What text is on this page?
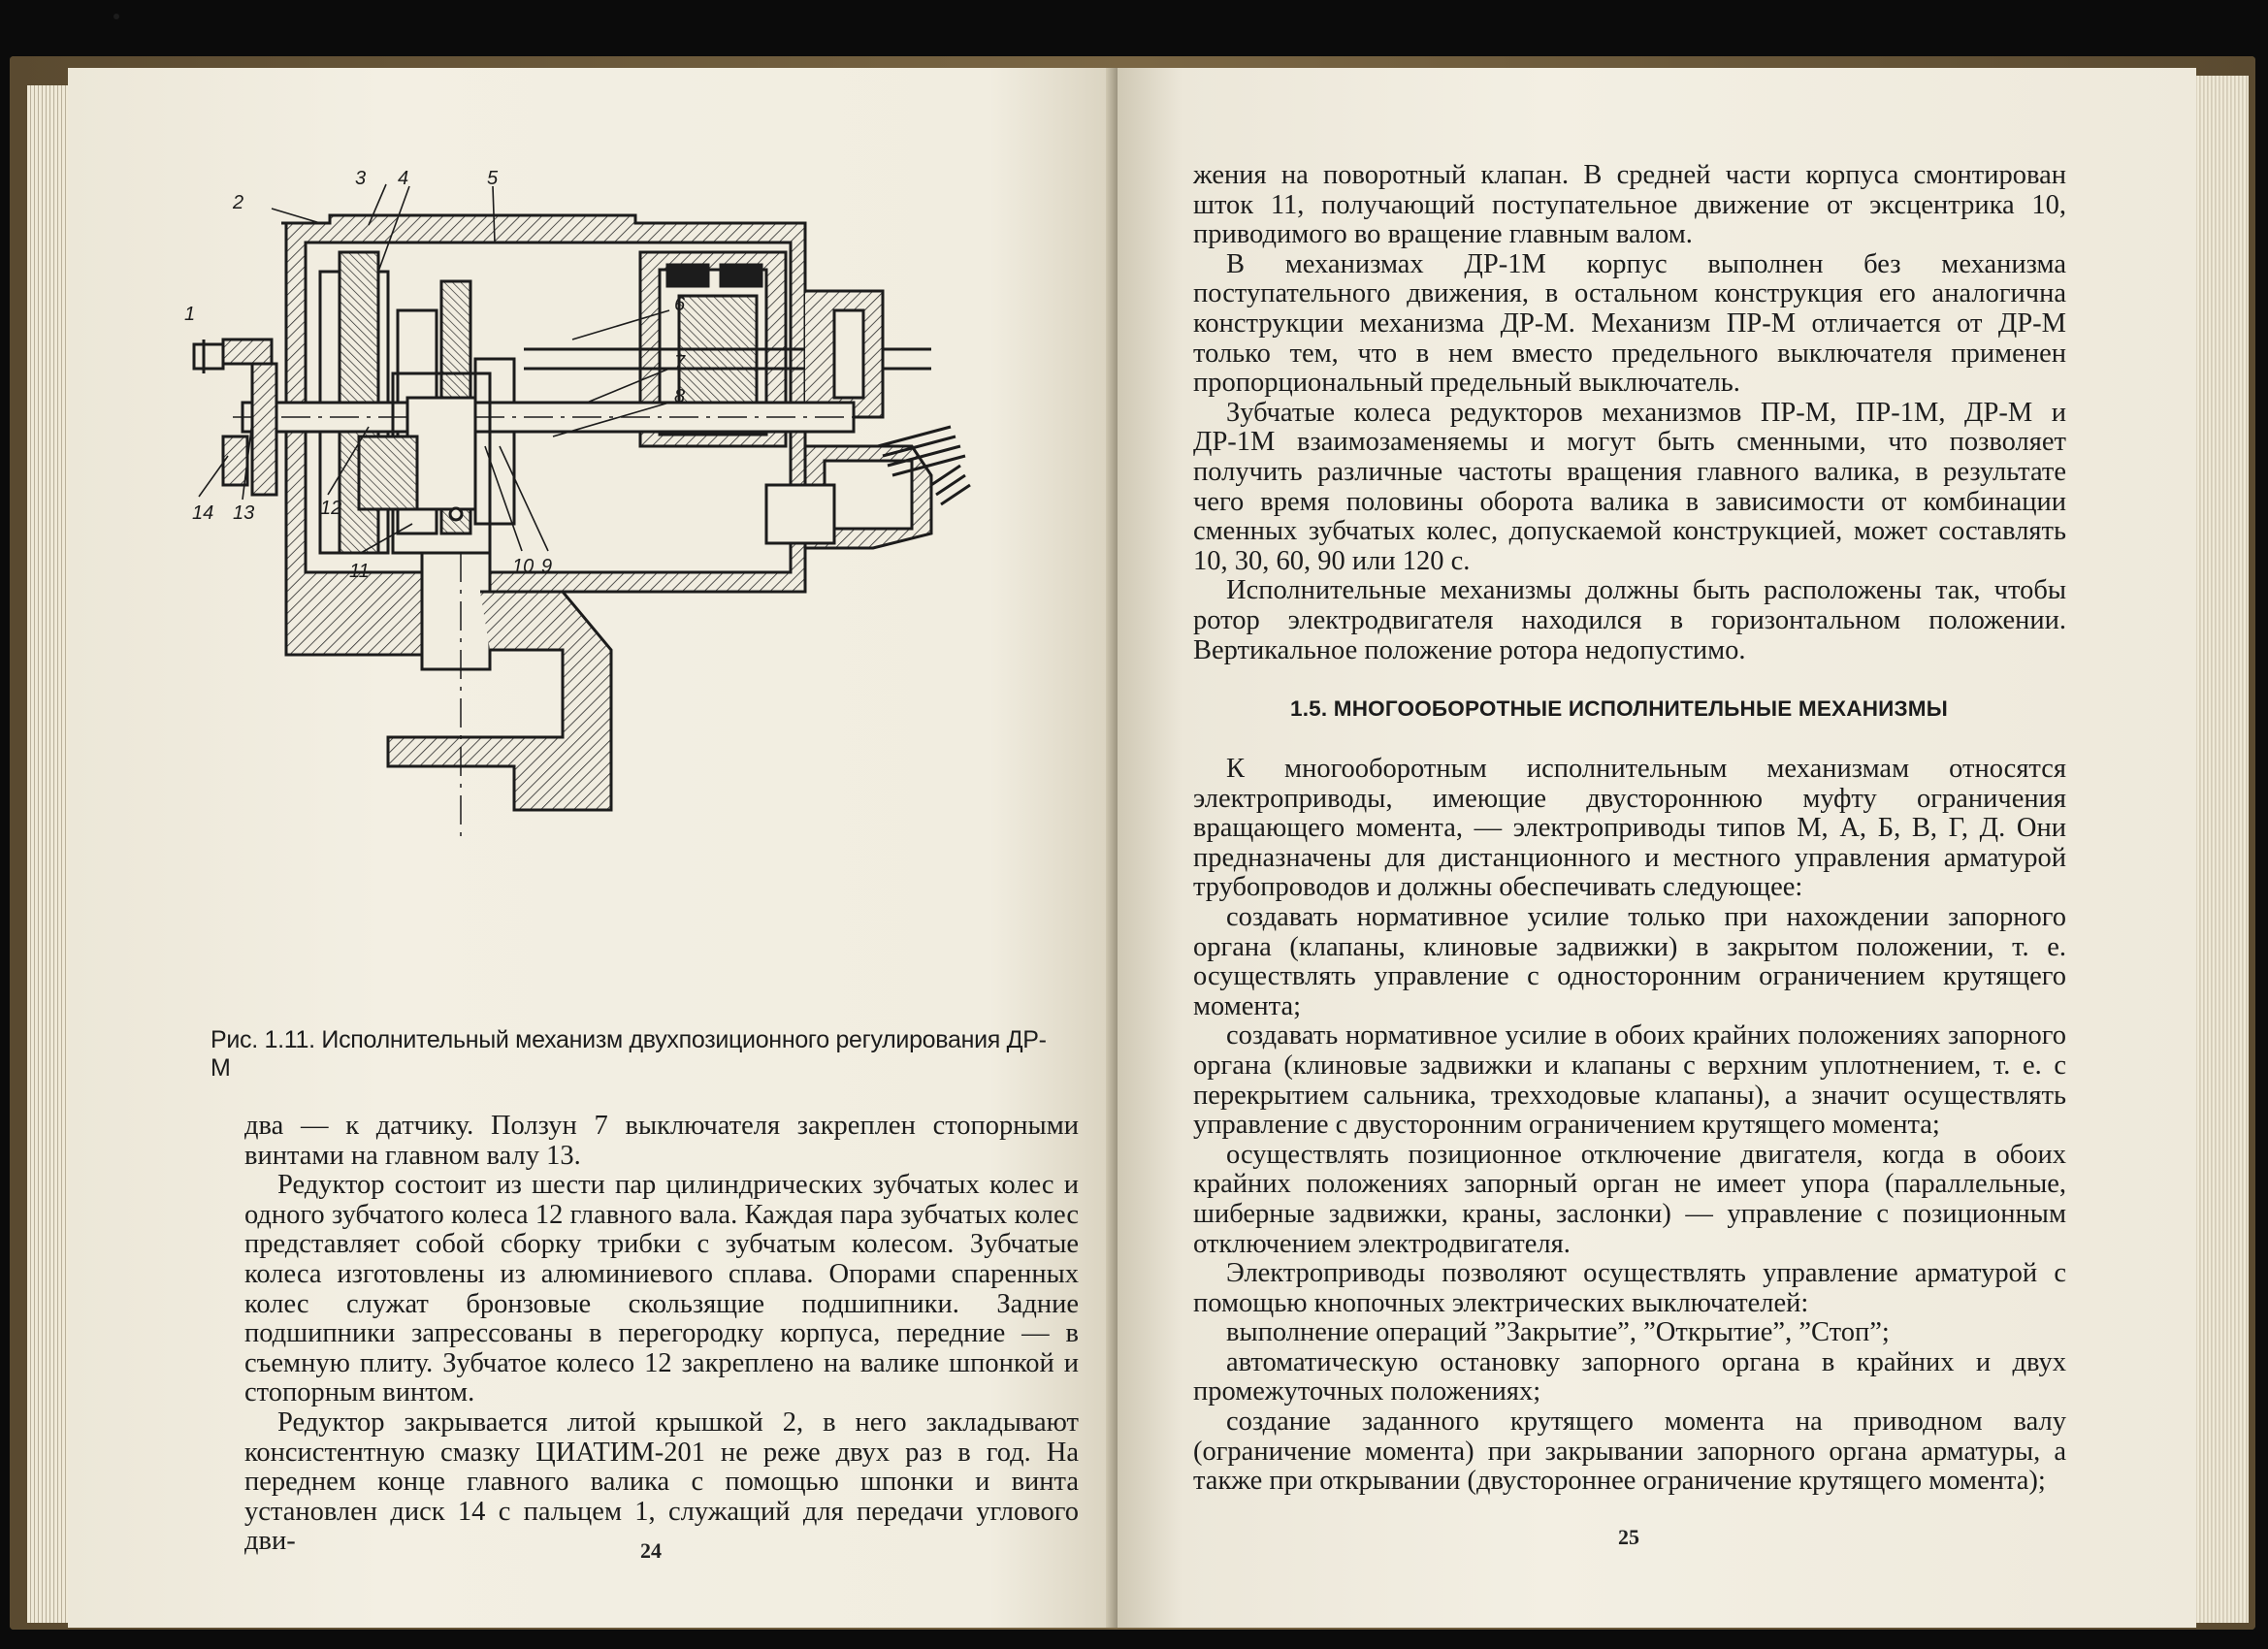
3 4	5
2
1	6
7
8
14 13	12
11	10 9
Рис. 1.11. Исполнительный механизм двухпозиционного регулирования ДР-М

два — к датчику. Ползун 7 выключателя закреплен стопорными винтами на главном валу 13.

Редуктор состоит из шести пар цилиндрических зубчатых колес и одного зубчатого колеса 12 главного вала. Каждая пара зубчатых колес представляет собой сборку трибки с зубчатым колесом. Зубчатые колеса изготовлены из алюминиевого сплава. Опорами спаренных колес служат бронзовые скользящие подшипники. Задние подшипники запрессованы в перегородку корпуса, передние — в съемную плиту. Зубчатое колесо 12 закреплено на валике шпонкой и стопорным винтом.

Редуктор закрывается литой крышкой 2, в него закладывают консистентную смазку ЦИАТИМ-201 не реже двух раз в год. На переднем конце главного валика с помощью шпонки и винта установлен диск 14 с пальцем 1, служащий для передачи углового дви-	24

жения на поворотный клапан. В средней части корпуса смонтирован шток 11, получающий поступательное движение от эксцентрика 10, приводимого во вращение главным валом.

В механизмах ДР-1М корпус выполнен без механизма поступательного движения, в остальном конструкция его аналогична конструкции механизма ДР-М. Механизм ПР-М отличается от ДР-М только тем, что в нем вместо предельного выключателя применен пропорциональный предельный выключатель.

Зубчатые колеса редукторов механизмов ПР-М, ПР-1М, ДР-М и ДР-1М взаимозаменяемы и могут быть сменными, что позволяет получить различные частоты вращения главного валика, в результате чего время половины оборота валика в зависимости от комбинации сменных зубчатых колес, допускаемой конструкцией, может составлять 10, 30, 60, 90 или 120 с.

Исполнительные механизмы должны быть расположены так, чтобы ротор электродвигателя находился в горизонтальном положении. Вертикальное положение ротора недопустимо.

1.5. МНОГООБОРОТНЫЕ ИСПОЛНИТЕЛЬНЫЕ МЕХАНИЗМЫ

К многооборотным исполнительным механизмам относятся электроприводы, имеющие двустороннюю муфту ограничения вращающего момента, — электроприводы типов М, А, Б, В, Г, Д. Они предназначены для дистанционного и местного управления арматурой трубопроводов и должны обеспечивать следующее:

создавать нормативное усилие только при нахождении запорного органа (клапаны, клиновые задвижки) в закрытом положении, т. е. осуществлять управление с односторонним ограничением крутящего момента;

создавать нормативное усилие в обоих крайних положениях запорного органа (клиновые задвижки и клапаны с верхним уплотнением, т. е. с перекрытием сальника, трехходовые клапаны), а значит осуществлять управление с двусторонним ограничением крутящего момента;

осуществлять позиционное отключение двигателя, когда в обоих крайних положениях запорный орган не имеет упора (параллельные, шиберные задвижки, краны, заслонки) — управление с позиционным отключением электродвигателя.

Электроприводы позволяют осуществлять управление арматурой с помощью кнопочных электрических выключателей:

выполнение операций ”Закрытие”, ”Открытие”, ”Стоп”;

автоматическую остановку запорного органа в крайних и двух промежуточных положениях;

создание заданного крутящего момента на приводном валу (ограничение момента) при закрывании запорного органа арматуры, а также при открывании (двустороннее ограничение крутящего момента);

25
